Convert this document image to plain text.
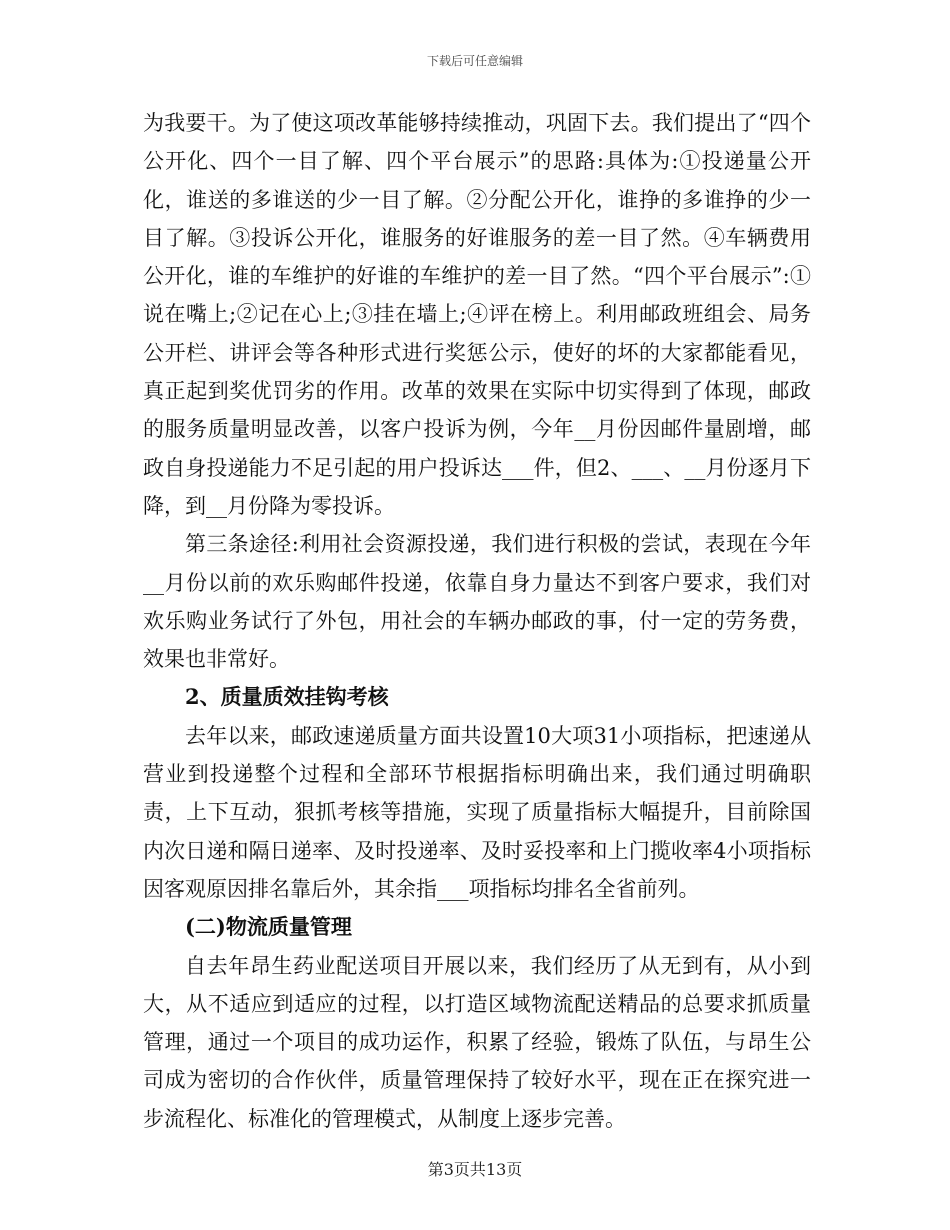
下载后可任意编辑

为我要干。为了使这项改革能够持续推动，巩固下去。我们提出了“四个公开化、四个一目了解、四个平台展示”的思路:具体为:①投递量公开化，谁送的多谁送的少一目了解。②分配公开化，谁挣的多谁挣的少一目了解。③投诉公开化，谁服务的好谁服务的差一目了然。④车辆费用公开化，谁的车维护的好谁的车维护的差一目了然。“四个平台展示”:①说在嘴上;②记在心上;③挂在墙上;④评在榜上。利用邮政班组会、局务公开栏、讲评会等各种形式进行奖惩公示，使好的坏的大家都能看见，真正起到奖优罚劣的作用。改革的效果在实际中切实得到了体现，邮政的服务质量明显改善，以客户投诉为例，今年__月份因邮件量剧增，邮政自身投递能力不足引起的用户投诉达___件，但2、___、__月份逐月下降，到__月份降为零投诉。

第三条途径:利用社会资源投递，我们进行积极的尝试，表现在今年__月份以前的欢乐购邮件投递，依靠自身力量达不到客户要求，我们对欢乐购业务试行了外包，用社会的车辆办邮政的事，付一定的劳务费，效果也非常好。

2、质量质效挂钩考核

去年以来，邮政速递质量方面共设置10大项31小项指标，把速递从营业到投递整个过程和全部环节根据指标明确出来，我们通过明确职责，上下互动，狠抓考核等措施，实现了质量指标大幅提升，目前除国内次日递和隔日递率、及时投递率、及时妥投率和上门揽收率4小项指标因客观原因排名靠后外，其余指___项指标均排名全省前列。

(二)物流质量管理

自去年昂生药业配送项目开展以来，我们经历了从无到有，从小到大，从不适应到适应的过程，以打造区域物流配送精品的总要求抓质量管理，通过一个项目的成功运作，积累了经验，锻炼了队伍，与昂生公司成为密切的合作伙伴，质量管理保持了较好水平，现在正在探究进一步流程化、标准化的管理模式，从制度上逐步完善。

第3页共13页
